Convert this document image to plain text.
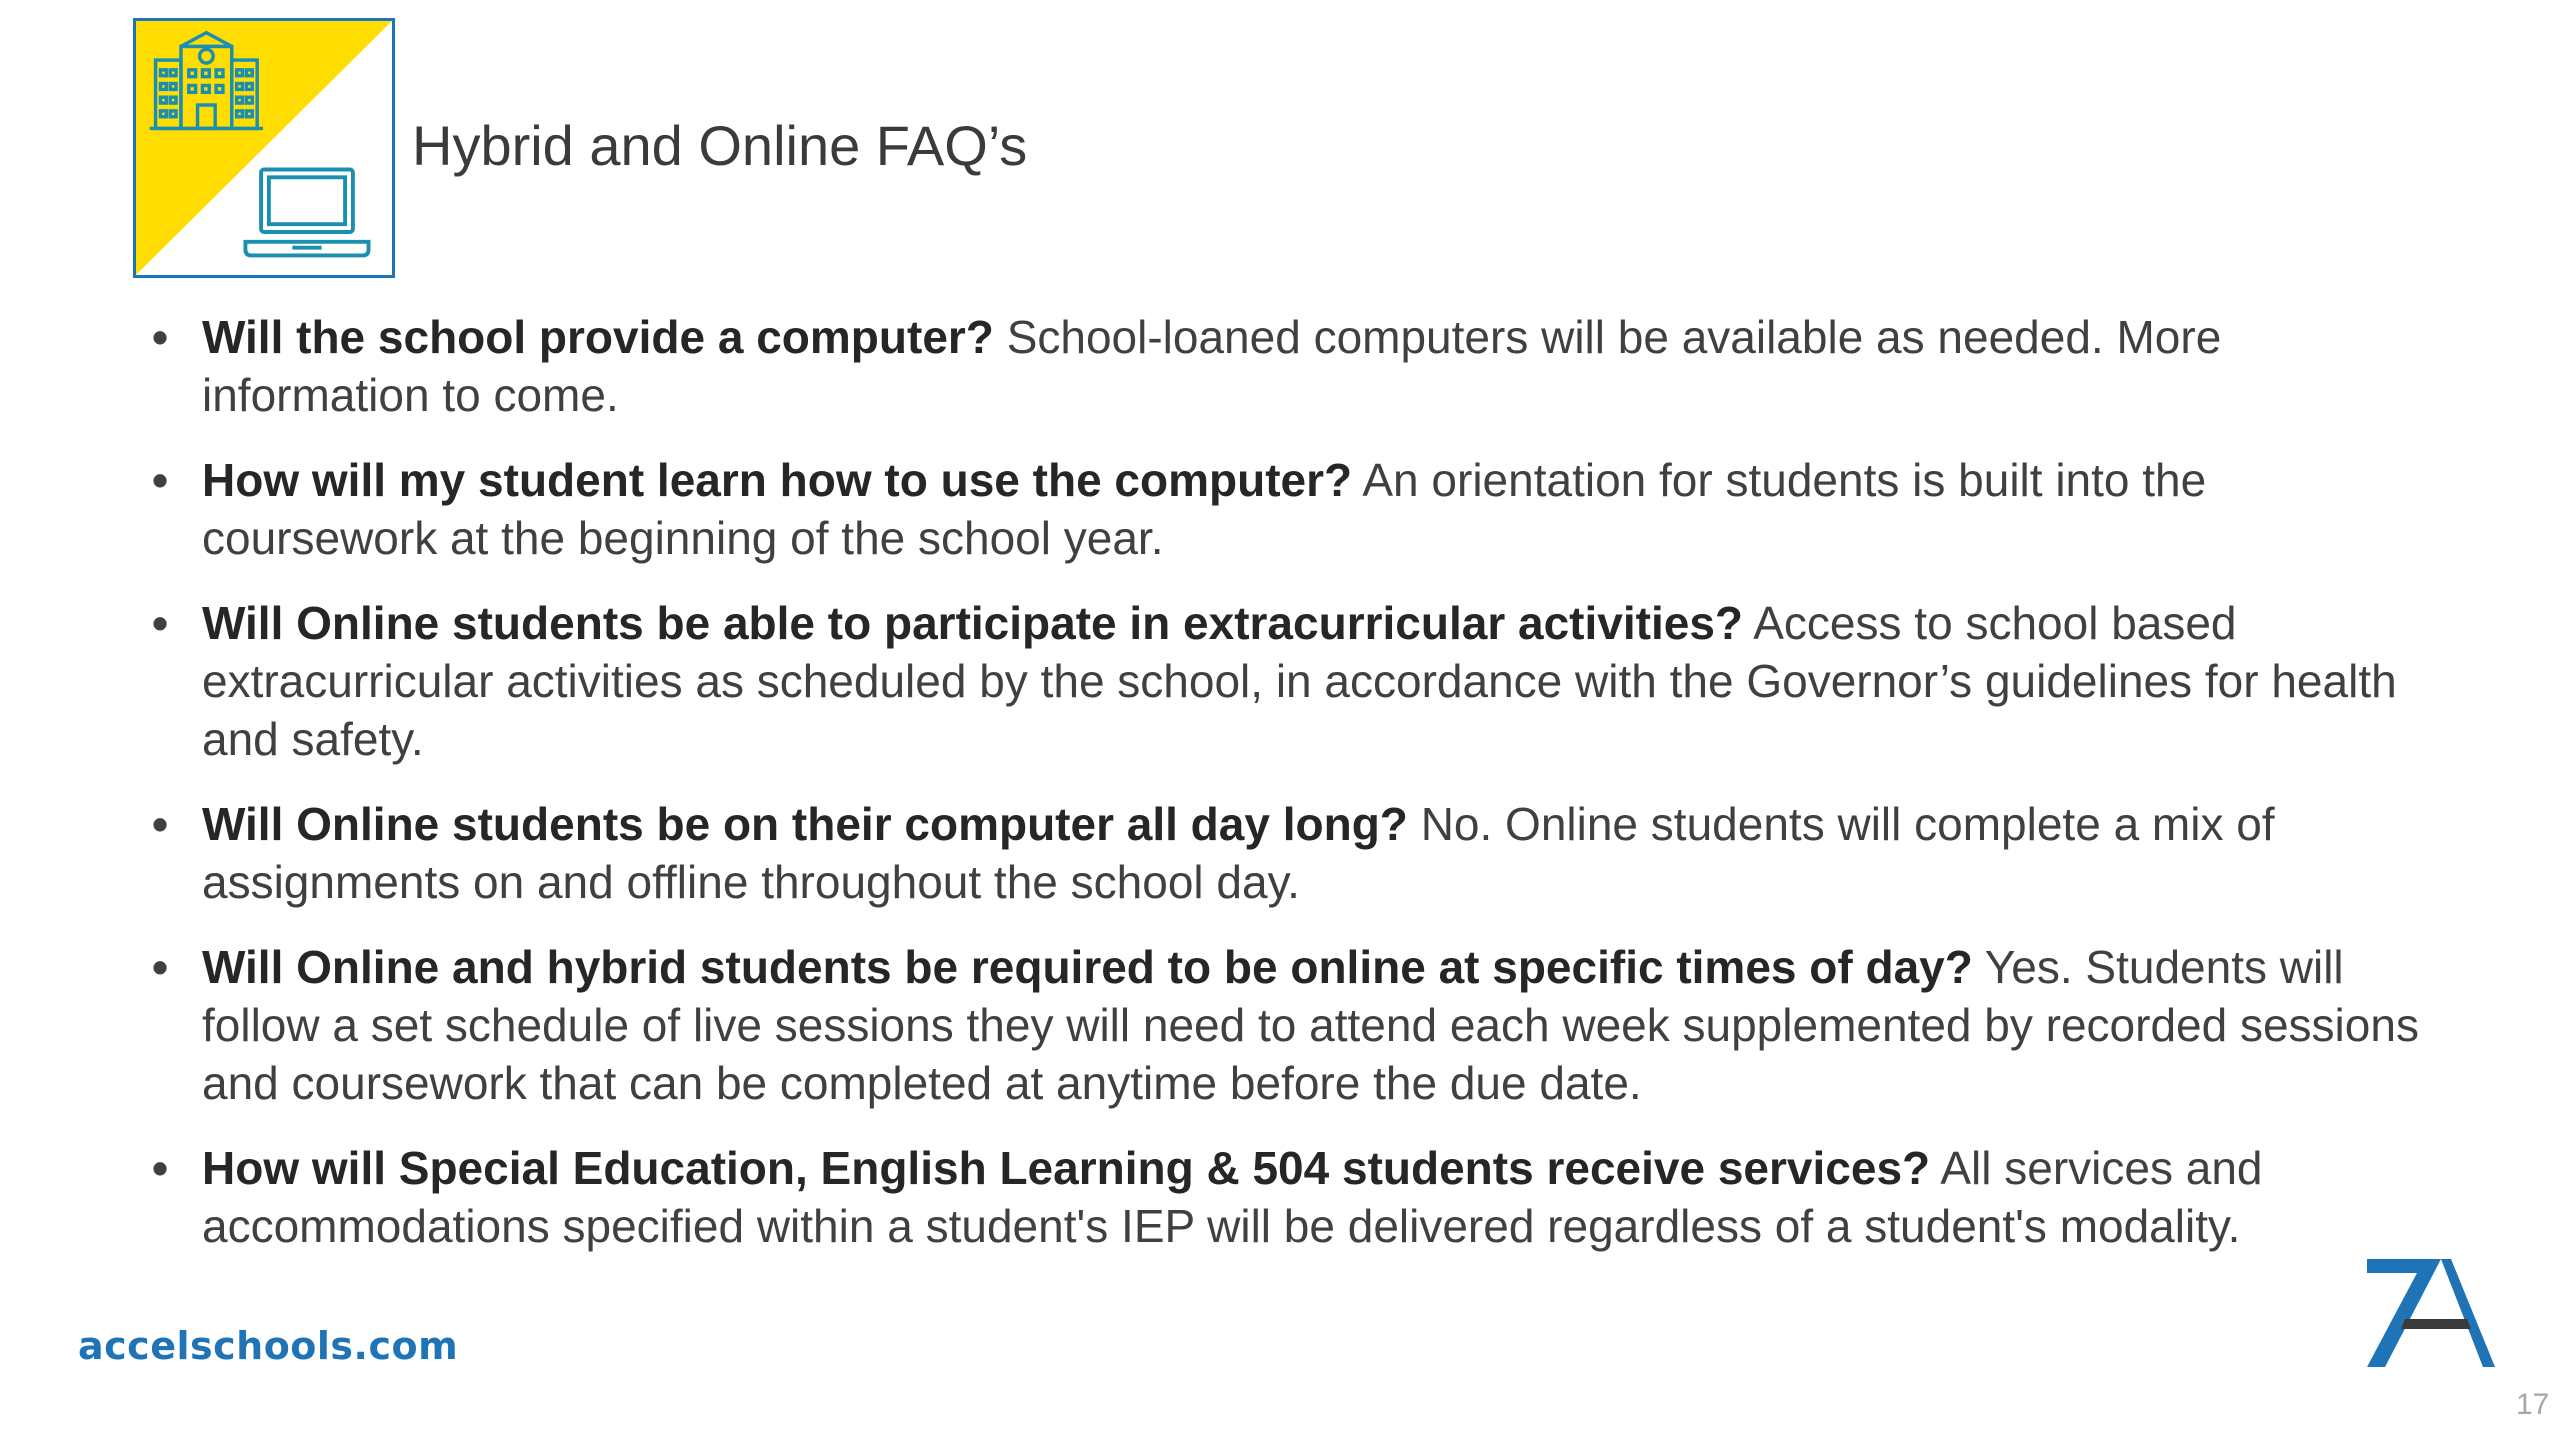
Hybrid and Online FAQ’s
• Will the school provide a computer? School-loaned computers will be available as needed. More information to come.
• How will my student learn how to use the computer? An orientation for students is built into the coursework at the beginning of the school year.
• Will Online students be able to participate in extracurricular activities? Access to school based extracurricular activities as scheduled by the school, in accordance with the Governor’s guidelines for health and safety.
• Will Online students be on their computer all day long? No. Online students will complete a mix of assignments on and offline throughout the school day.
• Will Online and hybrid students be required to be online at specific times of day? Yes. Students will follow a set schedule of live sessions they will need to attend each week supplemented by recorded sessions and coursework that can be completed at anytime before the due date.
• How will Special Education, English Learning & 504 students receive services? All services and accommodations specified within a student's IEP will be delivered regardless of a student's modality.
accelschools.com
17
